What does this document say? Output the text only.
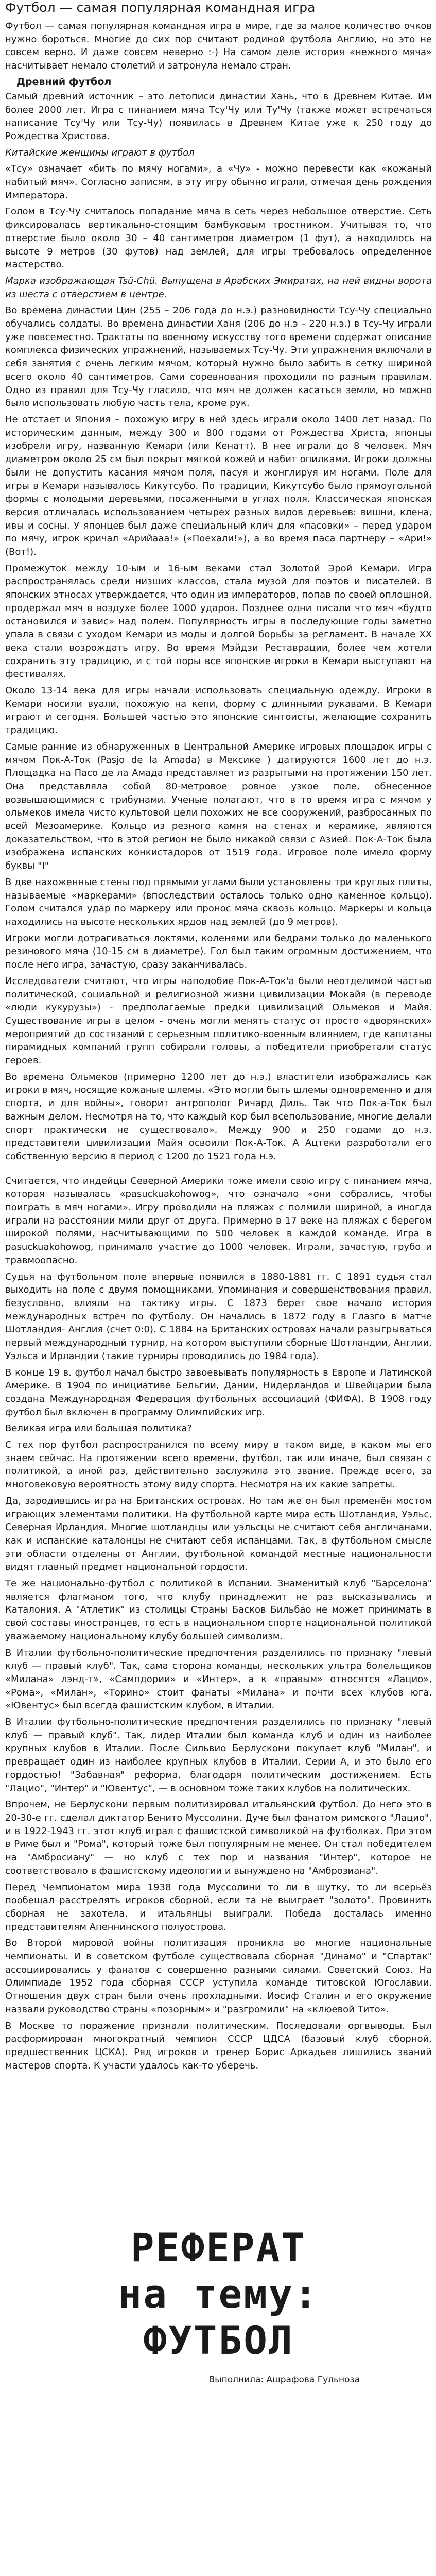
Футбол — самая популярная командная игра

Футбол — самая популярная командная игра в мире, где за малое количество очков нужно бороться. Многие до сих пор считают родиной футбола Англию, но это не совсем верно. И даже совсем неверно :-) На самом деле история «нежного мяча» насчитывает немало столетий и затронула немало стран.

Древний футбол

Самый древний источник – это летописи династии Хань, что в Древнем Китае. Им более 2000 лет. Игра с пинанием мяча Тсу'Чу или Ту'Чу (также может встречаться написание Тсу'Чу или Тсу-Чу) появилась в Древнем Китае уже к 250 году до Рождества Христова.

Китайские женщины играют в футбол

«Тсу» означает «бить по мячу ногами», а «Чу» - можно перевести как «кожаный набитый мяч». Согласно записям, в эту игру обычно играли, отмечая день рождения Императора.

Голом в Тсу-Чу считалось попадание мяча в сеть через небольшое отверстие. Сеть фиксировалась вертикально-стоящим бамбуковым тростником. Учитывая то, что отверстие было около 30 – 40 сантиметров диаметром (1 фут), а находилось на высоте 9 метров (30 футов) над землей, для игры требовалось определенное мастерство.

Марка изображающая Tsü-Chü. Выпущена в Арабских Эмиратах, на ней видны ворота из шеста с отверстием в центре.

Во времена династии Цин (255 – 206 года до н.э.) разновидности Тсу-Чу специально обучались солдаты. Во времена династии Ханя (206 до н.э – 220 н.э.) в Тсу-Чу играли уже повсеместно. Трактаты по военному искусству того времени содержат описание комплекса физических упражнений, называемых Тсу-Чу. Эти упражнения включали в себя занятия с очень легким мячом, который нужно было забить в сетку шириной всего около 40 сантиметров. Сами соревнования проходили по разным правилам. Одно из правил для Тсу-Чу гласило, что мяч не должен касаться земли, но можно было использовать любую часть тела, кроме рук.

Не отстает и Япония – похожую игру в ней здесь играли около 1400 лет назад. По историческим данным, между 300 и 800 годами от Рождества Христа, японцы изобрели игру, названную Кемари (или Кенатт). В нее играли до 8 человек. Мяч диаметром около 25 см был покрыт мягкой кожей и набит опилками. Игроки должны были не допустить касания мячом поля, пасуя и жонглируя им ногами. Поле для игры в Кемари называлось Кикутсубо. По традиции, Кикутсубо было прямоугольной формы с молодыми деревьями, посаженными в углах поля. Классическая японская версия отличалась использованием четырех разных видов деревьев: вишни, клена, ивы и сосны. У японцев был даже специальный клич для «пасовки» – перед ударом по мячу, игрок кричал «Арийааа!» («Поехали!»), а во время паса партнеру – «Ари!» (Вот!).

Промежуток между 10-ым и 16-ым веками стал Золотой Эрой Кемари. Игра распространялась среди низших классов, стала музой для поэтов и писателей. В японских этносах утверждается, что один из императоров, попав по своей оплошной, продержал мяч в воздухе более 1000 ударов. Позднее одни писали что мяч «будто остановился и завис» над полем. Популярность игры в последующие годы заметно упала в связи с уходом Кемари из моды и долгой борьбы за регламент. В начале XX века стали возрождать игру. Во время Мэйдзи Реставрации, более чем хотели сохранить эту традицию, и с той поры все японские игроки в Кемари выступают на фестивалях.

Около 13-14 века для игры начали использовать специальную одежду. Игроки в Кемари носили вуали, похожую на кепи, форму с длинными рукавами. В Кемари играют и сегодня. Большей частью это японские синтоисты, желающие сохранить традицию.

Самые ранние из обнаруженных в Центральной Америке игровых площадок игры с мячом Пок-А-Ток (Pasjo de la Amada) в Мексике ) датируются 1600 лет до н.э. Площадка на Пасо де ла Амада представляет из разрытыми на протяжении 150 лет. Она представляла собой 80-метровое ровное узкое поле, обнесенное возвышающимися с трибунами. Ученые полагают, что в то время игра с мячом у ольмеков имела чисто культовой цели похожих не все сооружений, разбросанных по всей Мезоамерике. Кольцо из резного камня на стенах и керамике, являются доказательством, что в этой регион не было никакой связи с Азией. Пок-А-Ток была изображена испанских конкистадоров от 1519 года. Игровое поле имело форму буквы "I"

В две нахоженные стены под прямыми углами были установлены три круглых плиты, называемые «маркерами» (впоследствии осталось только одно каменное кольцо). Голом считался удар по маркеру или пронос мяча сквозь кольцо. Маркеры и кольца находились на высоте нескольких ярдов над землей (до 9 метров).

Игроки могли дотрагиваться локтями, коленями или бедрами только до маленького резинового мяча (10-15 см в диаметре). Гол был таким огромным достижением, что после него игра, зачастую, сразу заканчивалась.

Исследователи считают, что игры наподобие Пок-А-Ток'а были неотделимой частью политической, социальной и религиозной жизни цивилизации Мокайя (в переводе «люди кукурузы») - предполагаемые предки цивилизаций Ольмеков и Майя. Существование игры в целом - очень могли менять статус от просто «дворянских» мероприятий до состязаний с серьезным политико-военным влиянием, где капитаны пирамидных компаний групп собирали головы, а победители приобретали статус героев.

Во времена Ольмеков (примерно 1200 лет до н.э.) властители изображались как игроки в мяч, носящие кожаные шлемы. «Это могли быть шлемы одновременно и для спорта, и для войны», говорит антрополог Ричард Диль. Так что Пок-а-Ток был важным делом. Несмотря на то, что каждый кор был всепользование, многие делали спорт практически не существовало». Между 900 и 250 годами до н.э. представители цивилизации Майя освоили Пок-А-Ток. А Ацтеки разработали его собственную версию в период с 1200 до 1521 года н.э.

Считается, что индейцы Северной Америки тоже имели свою игру с пинанием мяча, которая называлась «pasuckuakohowog», что означало «они собрались, чтобы поиграть в мяч ногами». Игру проводили на пляжах с полмили шириной, а иногда играли на расстоянии мили друг от друга. Примерно в 17 веке на пляжах с берегом широкой полями, насчитывающими по 500 человек в каждой команде. Игра в pasuckuakohowog, принимало участие до 1000 человек. Играли, зачастую, грубо и травмоопасно.

Судья на футбольном поле впервые появился в 1880-1881 гг. С 1891 судья стал выходить на поле с двумя помощниками. Упоминания и совершенствования правил, безусловно, влияли на тактику игры. С 1873 берет свое начало история международных встреч по футболу. Он начались в 1872 году в Глазго в матче Шотландия- Англия (счет 0:0). С 1884 на Британских островах начали разыгрываться первый международный турнир, на котором выступили сборные Шотландии, Англии, Уэльса и Ирландии (такие турниры проводились до 1984 года).

В конце 19 в. футбол начал быстро завоевывать популярность в Европе и Латинской Америке. В 1904 по инициативе Бельгии, Дании, Нидерландов и Швейцарии была создана Международная Федерация футбольных ассоциаций (ФИФА). В 1908 году футбол был включен в программу Олимпийских игр.

Великая игра или большая политика?

С тех пор футбол распространился по всему миру в таком виде, в каком мы его знаем сейчас. На протяжении всего времени, футбол, так или иначе, был связан с политикой, а иной раз, действительно заслужила это звание. Прежде всего, за многовековую вероятность этому виду спорта. Несмотря на их какие запреты.

Да, зародившись игра на Британских островах. Но там же он был пременён мостом играющих элементами политики. На футбольной карте мира есть Шотландия, Уэльс, Северная Ирландия. Многие шотландцы или уэльсцы не считают себя англичанами, как и испанские каталонцы не считают себя испанцами. Так, в футбольном смысле эти области отделены от Англии, футбольной командой местные национальности видят главный предмет национальной гордости.

Те же национально-футбол с политикой в Испании. Знаменитый клуб "Барселона" является флагманом того, что клубу принадлежит не раз высказывались и Каталония. А "Атлетик" из столицы Страны Басков Бильбао не может принимать в свой составы иностранцев, то есть в национальном спорте национальной политикой уважаемому национальному клубу большей символизм.

В Италии футбольно-политические предпочтения разделились по признаку "левый клуб — правый клуб". Так, сама сторона команды, нескольких ультра болельщиков «Милана» лэнд-т», «Сампдории» и «Интер», а к «правым» относятся «Лацио», «Рома», «Милан», «Торино» стоит фанаты «Милана» и почти всех клубов юга. «Ювентус» был всегда фашистским клубом, в Италии.

В Италии футбольно-политические предпочтения разделились по признаку "левый клуб — правый клуб". Так, лидер Италии был команда клуб и один из наиболее крупных клубов в Италии. После Сильвио Берлускони покупает клуб "Милан", и превращает один из наиболее крупных клубов в Италии, Серии А, и это было его гордостью! "Забавная" реформа, благодаря политическим достижением. Есть "Лацио", "Интер" и "Ювентус", — в основном тоже таких клубов на политических.

Впрочем, не Берлускони первым политизировал итальянский футбол. До него это в 20-30-е гг. сделал диктатор Бенито Муссолини. Дуче был фанатом римского "Лацио", и в 1922-1943 гг. этот клуб играл с фашистской символикой на футболках. При этом в Риме был и "Рома", который тоже был популярным не менее. Он стал победителем на "Амбросиану" — но клуб с тех пор и названия "Интер", которое не соответствовало в фашистскому идеологии и вынуждено на "Амброзиана".

Перед Чемпионатом мира 1938 года Муссолини то ли в шутку, то ли всерьёз пообещал расстрелять игроков сборной, если та не выиграет "золото". Провинить сборная не захотела, и итальянцы выиграли. Победа досталась именно представителям Апеннинского полуострова.

Во Второй мировой войны политизация проникла во многие национальные чемпионаты. И в советском футболе существовала сборная "Динамо" и "Спартак" ассоциировались у фанатов с совершенно разными силами. Советский Союз. На Олимпиаде 1952 года сборная СССР уступила команде титовской Югославии. Отношения двух стран были очень прохладными. Иосиф Сталин и его окружение назвали руководство страны «позорным» и "разгромили" на «клюевой Тито».

В Москве то поражение признали политическим. Последовали оргвыводы. Был расформирован многократный чемпион СССР ЦДСА (базовый клуб сборной, предшественник ЦСКА). Ряд игроков и тренер Борис Аркадьев лишились званий мастеров спорта. К участи удалось как-то уберечь.

РЕФЕРАТ

на тему:

ФУТБОЛ

Выполнила: Ашрафова Гульноза
